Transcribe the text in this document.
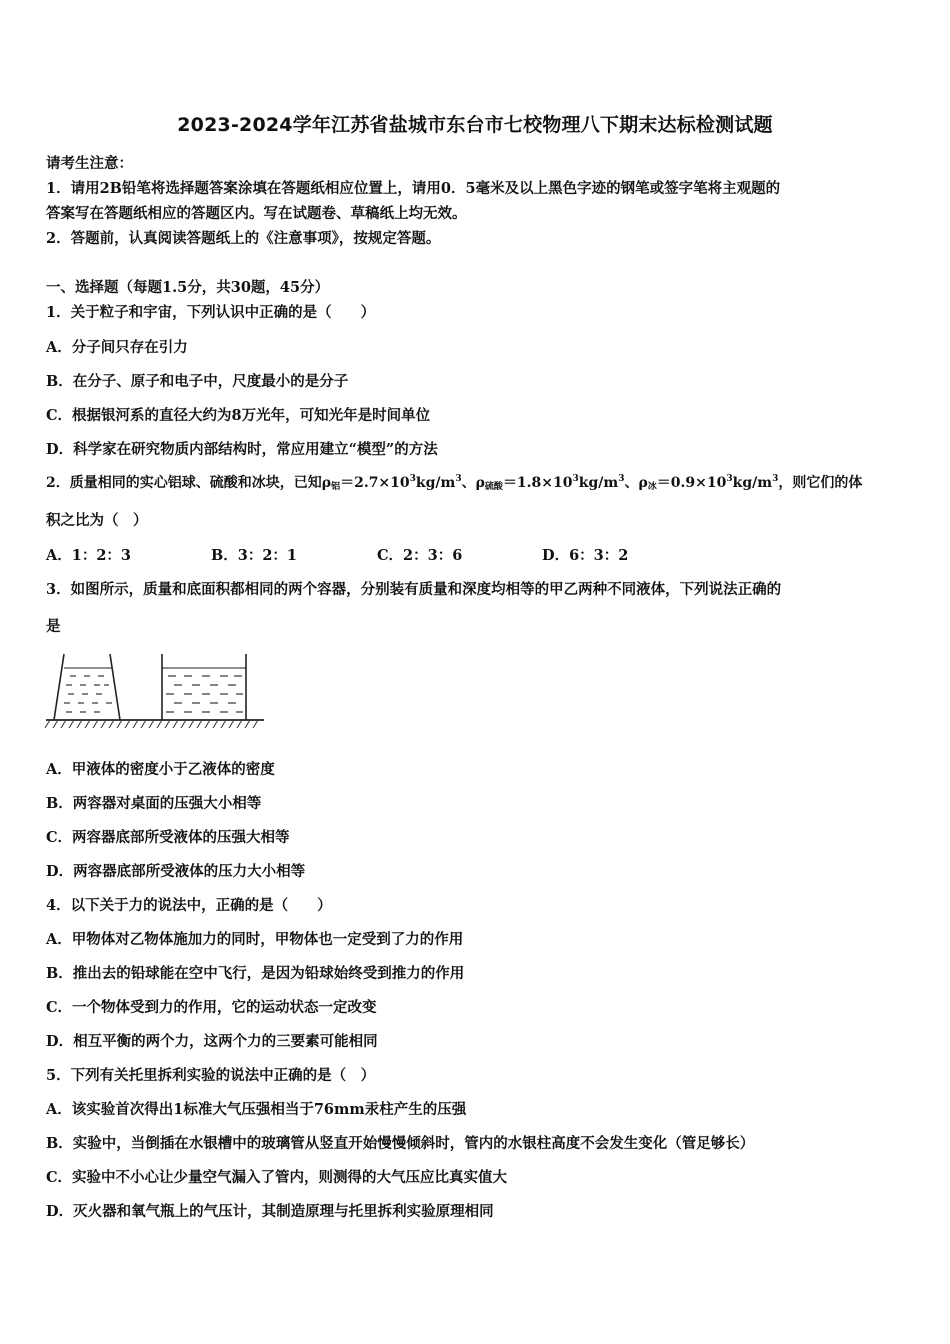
2023-2024学年江苏省盐城市东台市七校物理八下期末达标检测试题
请考生注意：
1．请用2B铅笔将选择题答案涂填在答题纸相应位置上，请用0．5毫米及以上黑色字迹的钢笔或签字笔将主观题的
答案写在答题纸相应的答题区内。写在试题卷、草稿纸上均无效。
2．答题前，认真阅读答题纸上的《注意事项》，按规定答题。
一、选择题（每题1.5分，共30题，45分）
1．关于粒子和宇宙，下列认识中正确的是（　　）
A．分子间只存在引力
B．在分子、原子和电子中，尺度最小的是分子
C．根据银河系的直径大约为8万光年，可知光年是时间单位
D．科学家在研究物质内部结构时，常应用建立“模型”的方法
2．质量相同的实心铝球、硫酸和冰块，已知$\rho_铝=2.7\times 10^3kg/m^3$、$\rho_{硫酸}=1.8\times 10^3kg/m^3$、$\rho_冰=0.9\times 10^3kg/m^3$，则它们的体
积之比为（　）
A．1：2：3	B．3：2：1	C．2：3：6	D．6：3：2
3．如图所示，质量和底面积都相同的两个容器，分别装有质量和深度均相等的甲乙两种不同液体，下列说法正确的
是
A．甲液体的密度小于乙液体的密度
B．两容器对桌面的压强大小相等
C．两容器底部所受液体的压强大相等
D．两容器底部所受液体的压力大小相等
4．以下关于力的说法中，正确的是（　　）
A．甲物体对乙物体施加力的同时，甲物体也一定受到了力的作用
B．推出去的铅球能在空中飞行，是因为铅球始终受到推力的作用
C．一个物体受到力的作用，它的运动状态一定改变
D．相互平衡的两个力，这两个力的三要素可能相同
5．下列有关托里拆利实验的说法中正确的是（　）
A．该实验首次得出1标准大气压强相当于76mm汞柱产生的压强
B．实验中，当倒插在水银槽中的玻璃管从竖直开始慢慢倾斜时，管内的水银柱高度不会发生变化（管足够长）
C．实验中不小心让少量空气漏入了管内，则测得的大气压应比真实值大
D．灭火器和氧气瓶上的气压计，其制造原理与托里拆利实验原理相同
